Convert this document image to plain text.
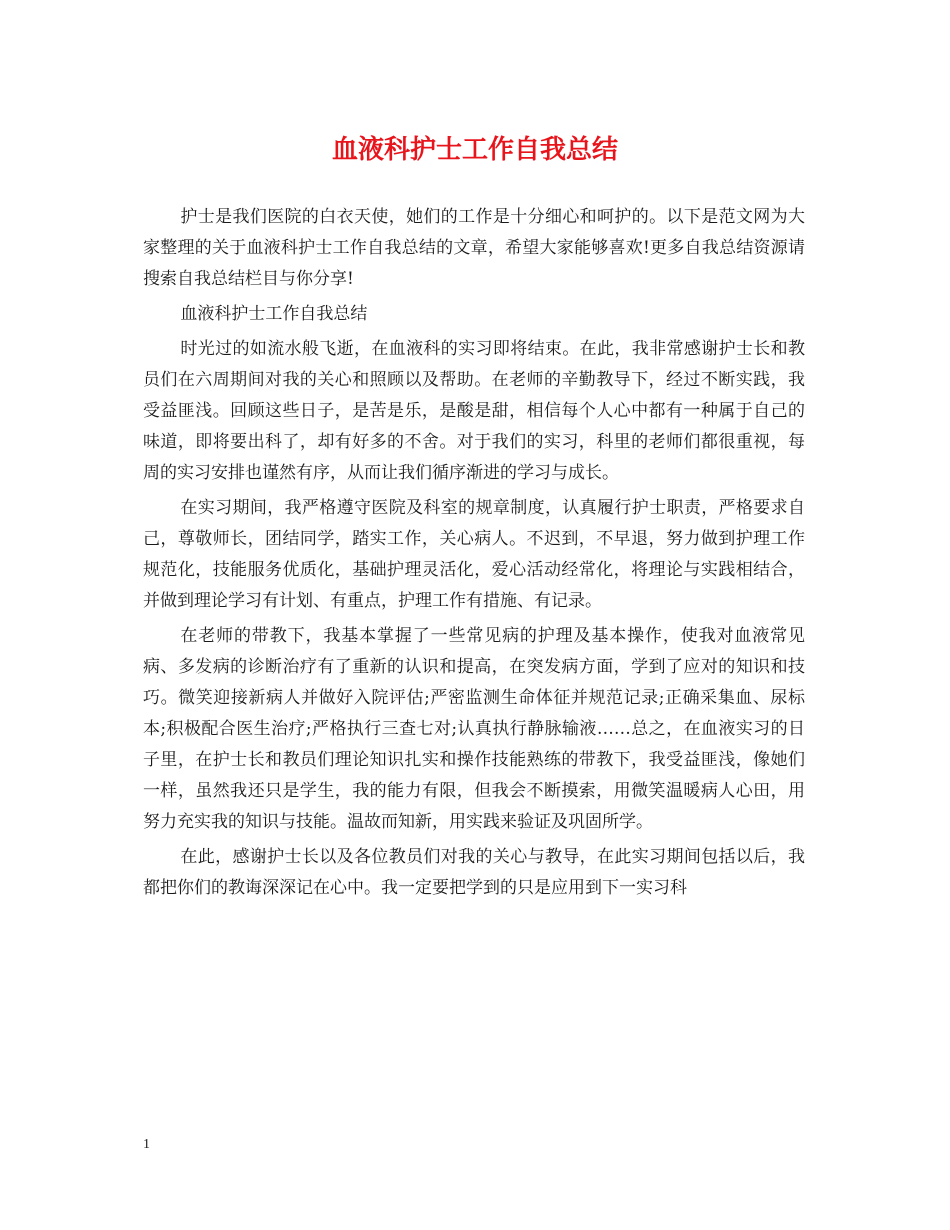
血液科护士工作自我总结

护士是我们医院的白衣天使，她们的工作是十分细心和呵护的。以下是范文网为大家整理的关于血液科护士工作自我总结的文章，希望大家能够喜欢!更多自我总结资源请搜索自我总结栏目与你分享!

血液科护士工作自我总结

时光过的如流水般飞逝，在血液科的实习即将结束。在此，我非常感谢护士长和教员们在六周期间对我的关心和照顾以及帮助。在老师的辛勤教导下，经过不断实践，我受益匪浅。回顾这些日子，是苦是乐，是酸是甜，相信每个人心中都有一种属于自己的味道，即将要出科了，却有好多的不舍。对于我们的实习，科里的老师们都很重视，每周的实习安排也谨然有序，从而让我们循序渐进的学习与成长。

在实习期间，我严格遵守医院及科室的规章制度，认真履行护士职责，严格要求自己，尊敬师长，团结同学，踏实工作，关心病人。不迟到，不早退，努力做到护理工作规范化，技能服务优质化，基础护理灵活化，爱心活动经常化，将理论与实践相结合，并做到理论学习有计划、有重点，护理工作有措施、有记录。

在老师的带教下，我基本掌握了一些常见病的护理及基本操作，使我对血液常见病、多发病的诊断治疗有了重新的认识和提高，在突发病方面，学到了应对的知识和技巧。微笑迎接新病人并做好入院评估;严密监测生命体征并规范记录;正确采集血、尿标本;积极配合医生治疗;严格执行三查七对;认真执行静脉输液……总之，在血液实习的日子里，在护士长和教员们理论知识扎实和操作技能熟练的带教下，我受益匪浅，像她们一样，虽然我还只是学生，我的能力有限，但我会不断摸索，用微笑温暖病人心田，用努力充实我的知识与技能。温故而知新，用实践来验证及巩固所学。

在此，感谢护士长以及各位教员们对我的关心与教导，在此实习期间包括以后，我都把你们的教诲深深记在心中。我一定要把学到的只是应用到下一实习科

1
